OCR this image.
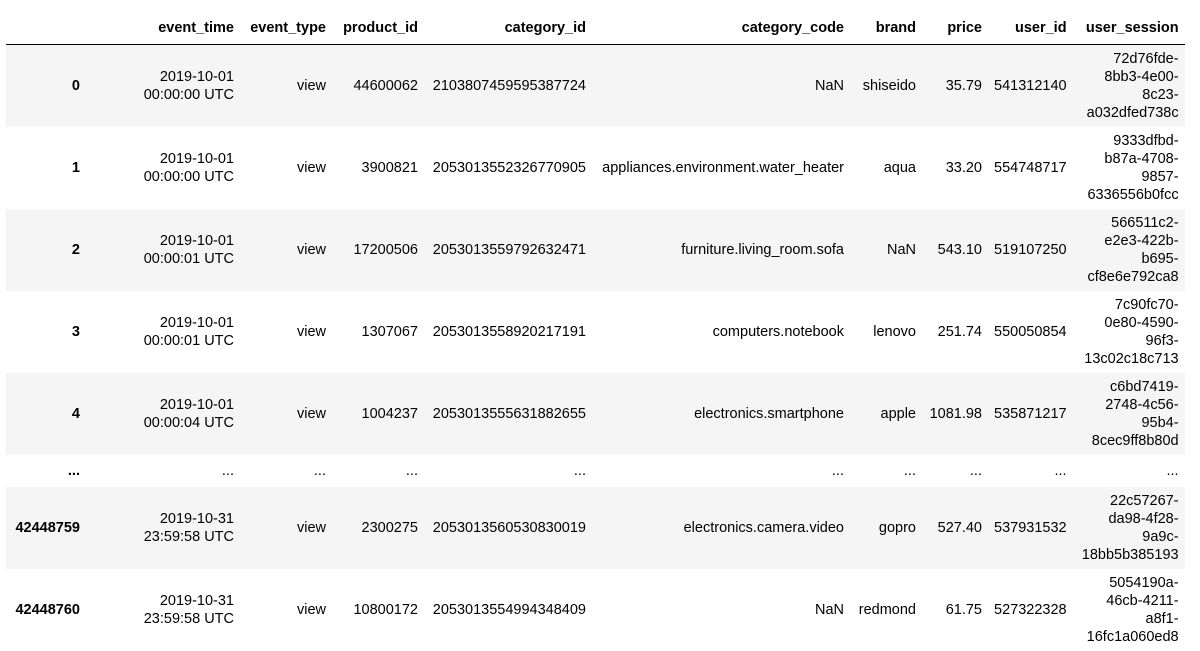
	event_time	event_type	product_id	category_id	category_code	brand	price	user_id	user_session
0	2019-10-01
00:00:00 UTC	view	44600062	2103807459595387724	NaN	shiseido	35.79	541312140	72d76fde-
8bb3-4e00-
8c23-
a032dfed738c

1	2019-10-01
00:00:00 UTC	view	3900821	2053013552326770905	appliances.environment.water_heater	aqua	33.20	554748717	9333dfbd-
b87a-4708-
9857-
6336556b0fcc

2	2019-10-01
00:00:01 UTC	view	17200506	2053013559792632471	furniture.living_room.sofa	NaN	543.10	519107250	566511c2-
e2e3-422b-
b695-
cf8e6e792ca8

3	2019-10-01
00:00:01 UTC	view	1307067	2053013558920217191	computers.notebook	lenovo	251.74	550050854	7c90fc70-
0e80-4590-
96f3-
13c02c18c713

4	2019-10-01
00:00:04 UTC	view	1004237	2053013555631882655	electronics.smartphone	apple	1081.98	535871217	c6bd7419-
2748-4c56-
95b4-
8cec9ff8b80d

...	...	...	...	...	...	...	...	...	...
42448759	2019-10-31
23:59:58 UTC	view	2300275	2053013560530830019	electronics.camera.video	gopro	527.40	537931532	22c57267-
da98-4f28-
9a9c-
18bb5b385193

42448760	2019-10-31
23:59:58 UTC	view	10800172	2053013554994348409	NaN	redmond	61.75	527322328	5054190a-
46cb-4211-
a8f1-
16fc1a060ed8
